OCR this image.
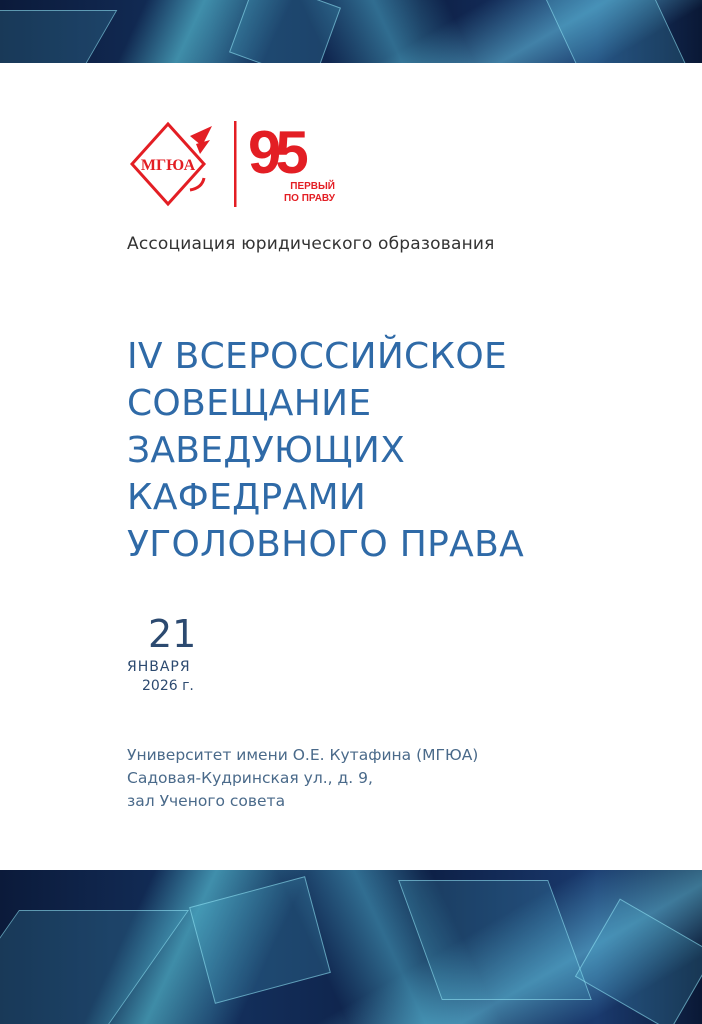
МГЮА 95
ПЕРВЫЙ
ПО ПРАВУ
Ассоциация юридического образования
IV ВСЕРОССИЙСКОЕ
СОВЕЩАНИЕ
ЗАВЕДУЮЩИХ
КАФЕДРАМИ
УГОЛОВНОГО ПРАВА
21
ЯНВАРЯ
2026 г.
Университет имени О.Е. Кутафина (МГЮА)
Садовая-Кудринская ул., д. 9,
зал Ученого совета
